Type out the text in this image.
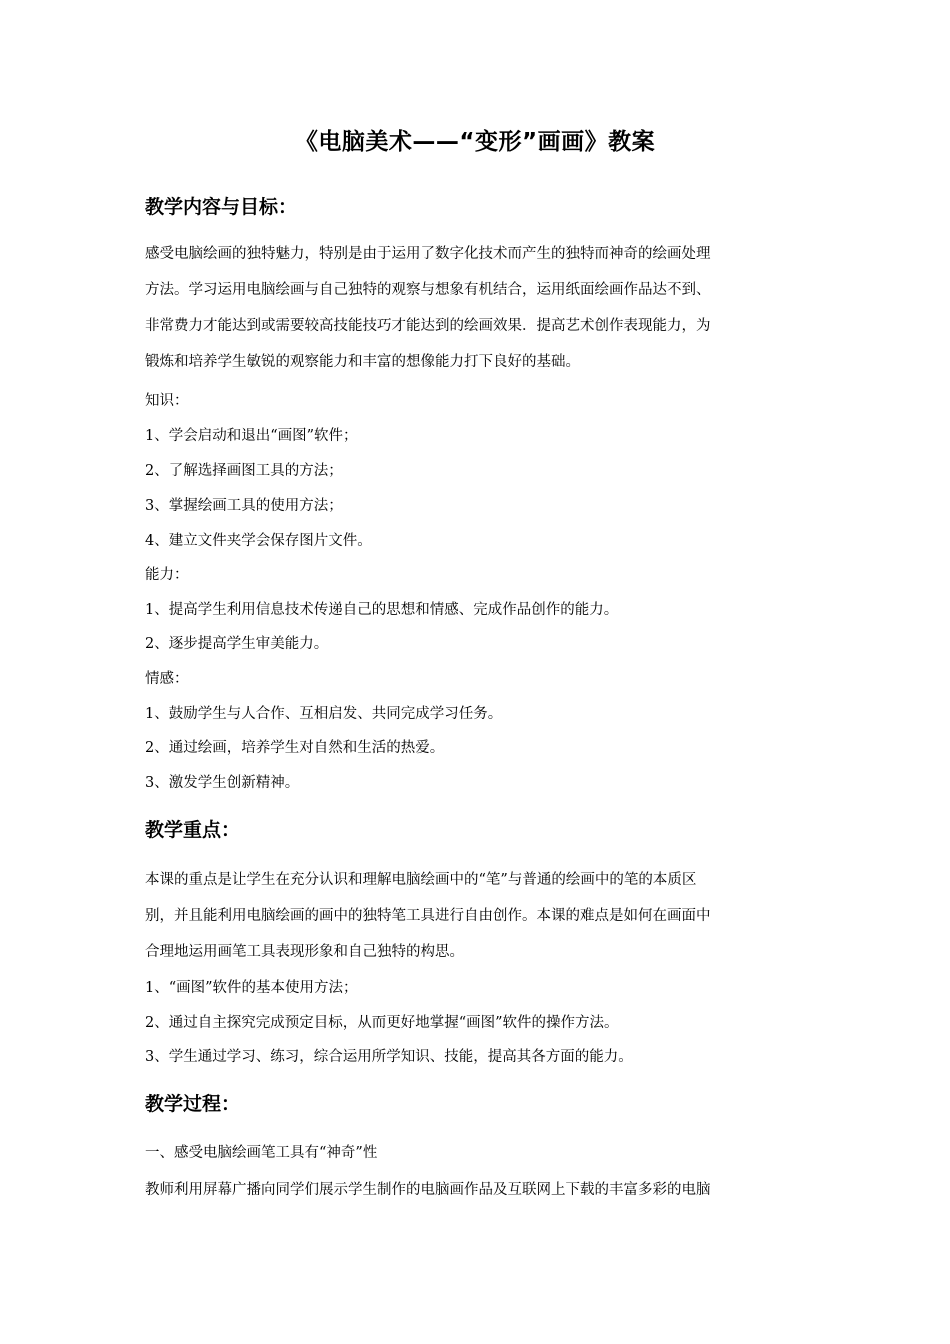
《电脑美术——“变形”画画》教案
教学内容与目标：
感受电脑绘画的独特魅力，特别是由于运用了数字化技术而产生的独特而神奇的绘画处理
方法。学习运用电脑绘画与自己独特的观察与想象有机结合，运用纸面绘画作品达不到、
非常费力才能达到或需要较高技能技巧才能达到的绘画效果．提高艺术创作表现能力，为
锻炼和培养学生敏锐的观察能力和丰富的想像能力打下良好的基础。
知识：
1、学会启动和退出“画图”软件；
2、了解选择画图工具的方法；
3、掌握绘画工具的使用方法；
4、建立文件夹学会保存图片文件。
能力：
1、提高学生利用信息技术传递自己的思想和情感、完成作品创作的能力。
2、逐步提高学生审美能力。
情感：
1、鼓励学生与人合作、互相启发、共同完成学习任务。
2、通过绘画，培养学生对自然和生活的热爱。
3、激发学生创新精神。
教学重点：
本课的重点是让学生在充分认识和理解电脑绘画中的“笔”与普通的绘画中的笔的本质区
别，并且能利用电脑绘画的画中的独特笔工具进行自由创作。本课的难点是如何在画面中
合理地运用画笔工具表现形象和自己独特的构思。
1、“画图”软件的基本使用方法；
2、通过自主探究完成预定目标，从而更好地掌握“画图”软件的操作方法。
3、学生通过学习、练习，综合运用所学知识、技能，提高其各方面的能力。
教学过程：
一、感受电脑绘画笔工具有“神奇”性
教师利用屏幕广播向同学们展示学生制作的电脑画作品及互联网上下载的丰富多彩的电脑
